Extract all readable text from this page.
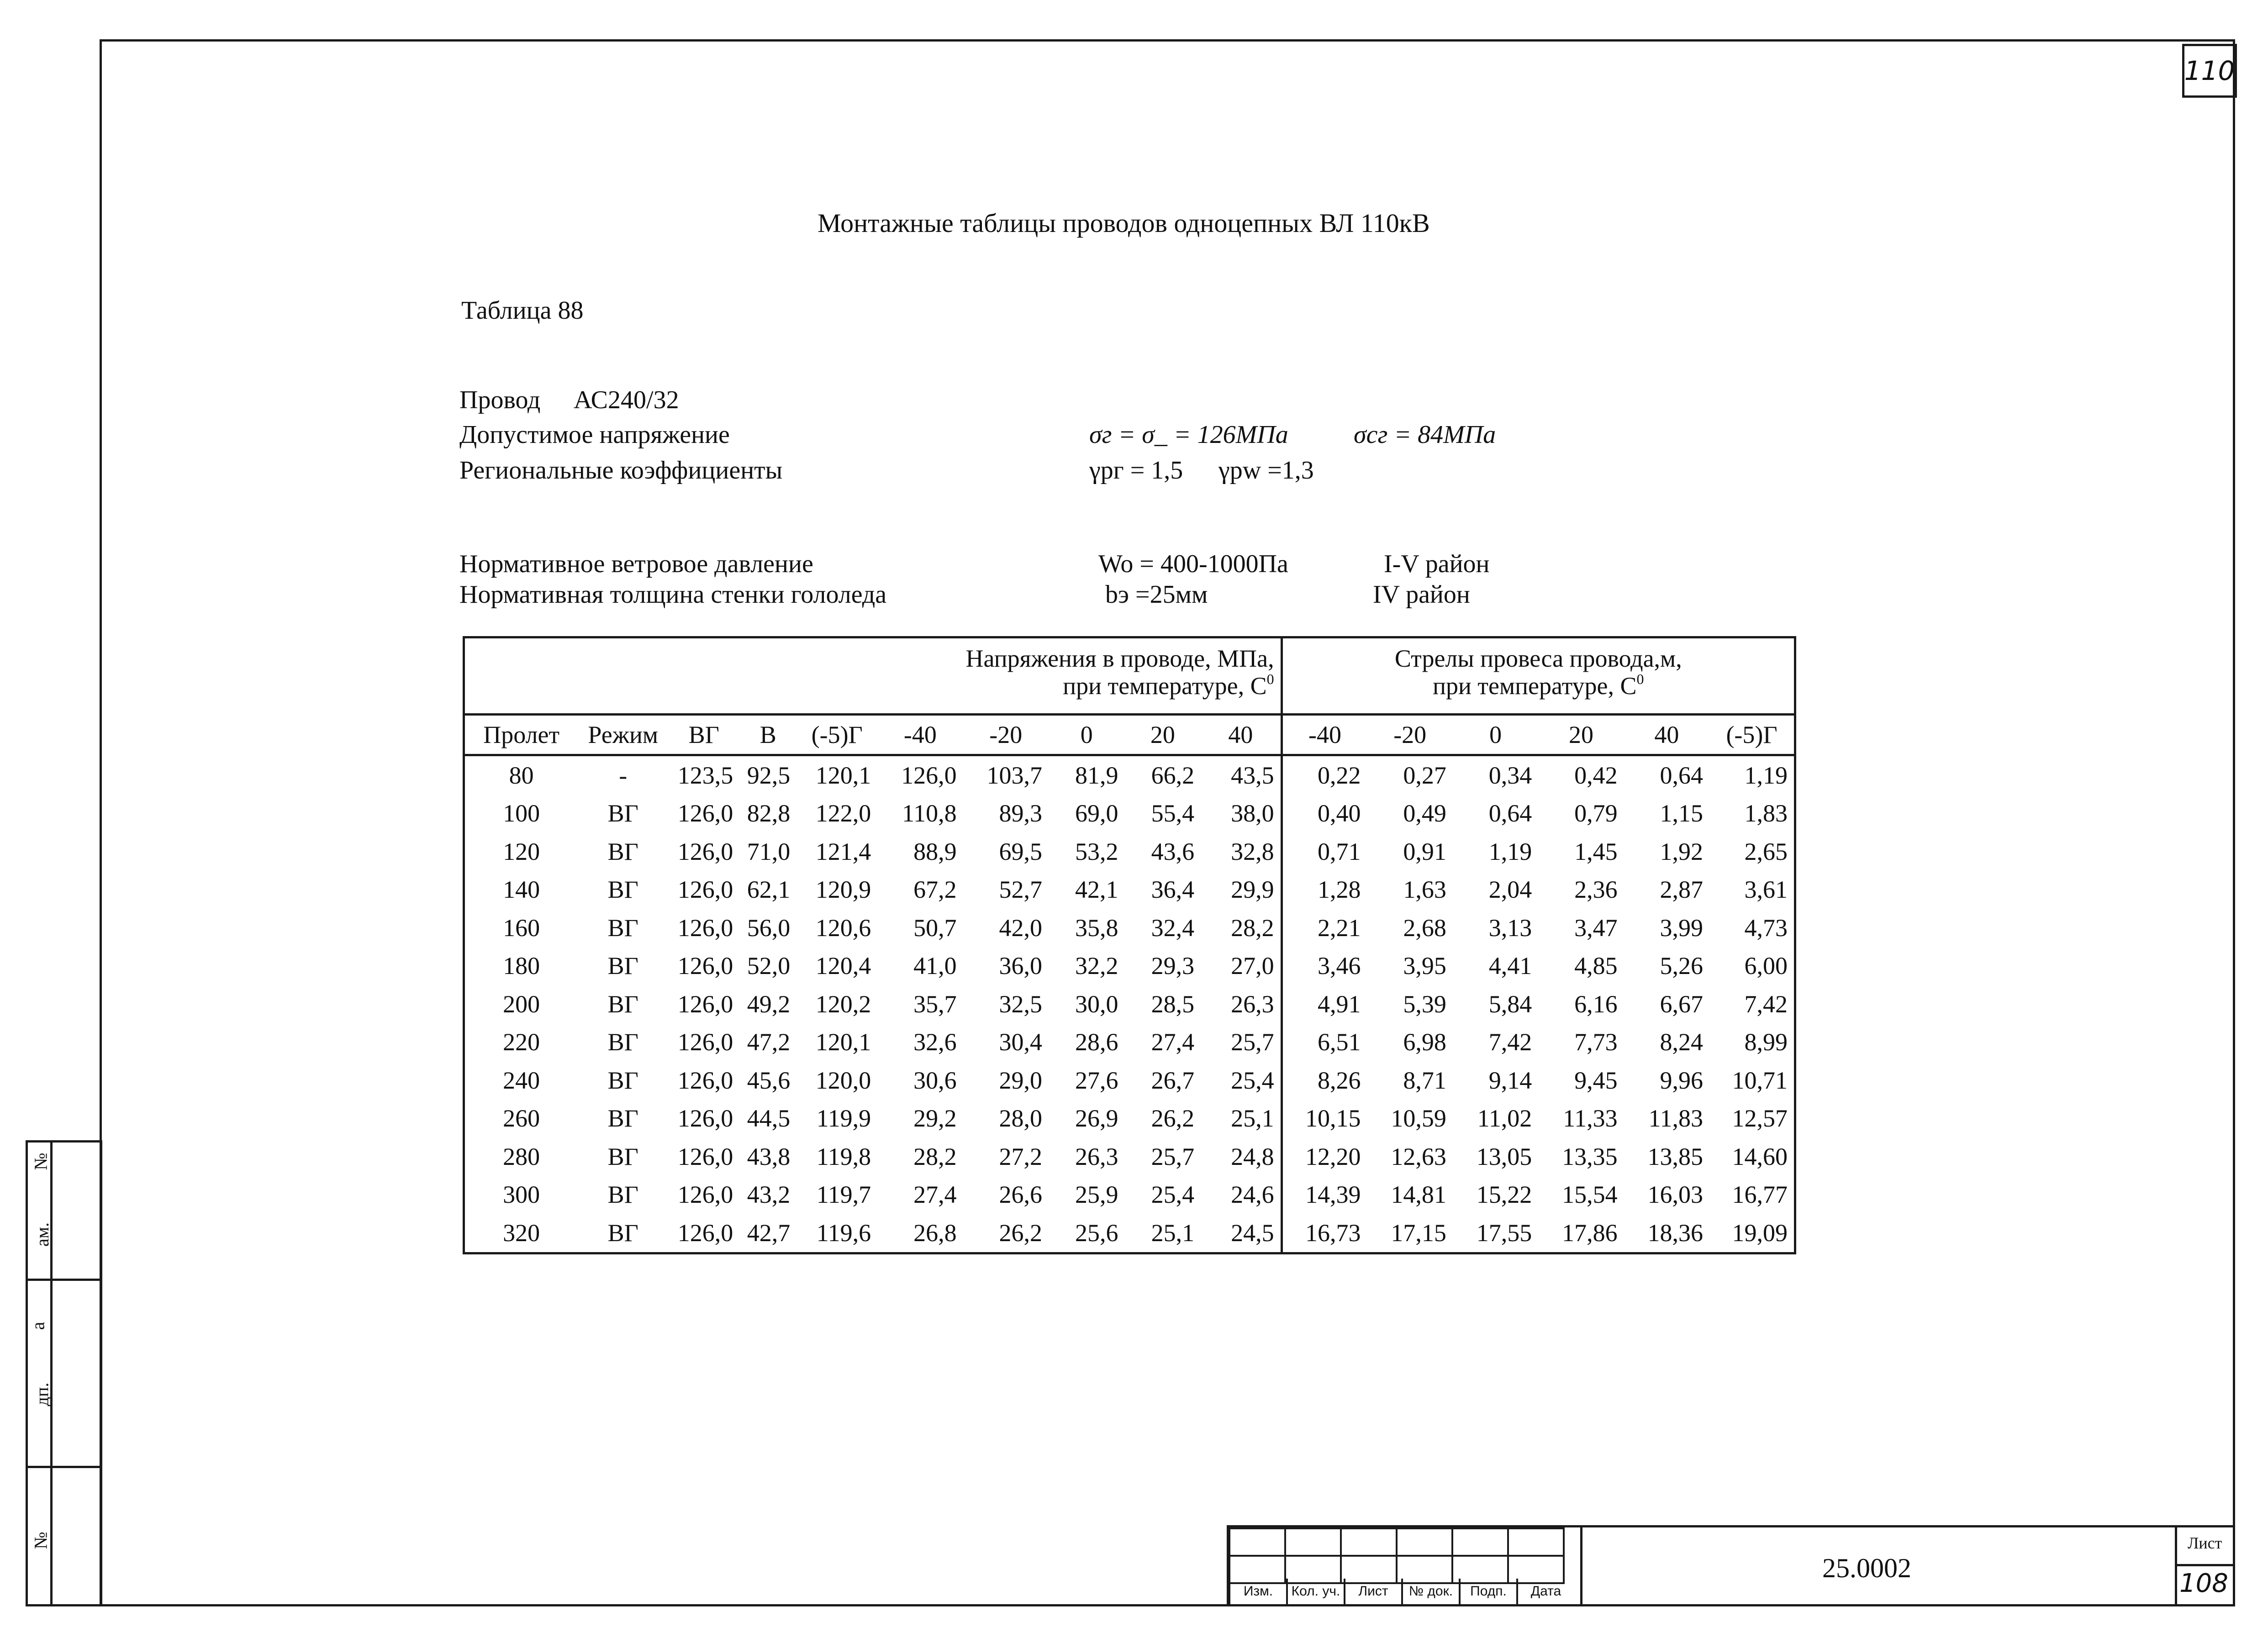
110
Монтажные таблицы проводов одноцепных ВЛ 110кВ
Таблица 88
Провод АС240/32
Допустимое напряжение	σг = σ_ = 126МПа	σcг = 84МПа
Региональные коэффициенты	γpг = 1,5 γpw =1,3
Нормативное ветровое давление	Wo = 400-1000Па	I-V район
Нормативная толщина стенки гололеда	bэ =25мм	IV район
Напряжения в проводе, МПа,
при температуре, $С^0$										Стрелы провеса провода,м,
при температуре, $С^0$
Пролет	Режим	ВГ	В	(-5)Г	-40	-20	0	20	40	-40	-20	0	20	40	(-5)Г
80	-	123,5	92,5	120,1	126,0	103,7	81,9	66,2	43,5	0,22	0,27	0,34	0,42	0,64	1,19
100	ВГ	126,0	82,8	122,0	110,8	89,3	69,0	55,4	38,0	0,40	0,49	0,64	0,79	1,15	1,83
120	ВГ	126,0	71,0	121,4	88,9	69,5	53,2	43,6	32,8	0,71	0,91	1,19	1,45	1,92	2,65
140	ВГ	126,0	62,1	120,9	67,2	52,7	42,1	36,4	29,9	1,28	1,63	2,04	2,36	2,87	3,61
160	ВГ	126,0	56,0	120,6	50,7	42,0	35,8	32,4	28,2	2,21	2,68	3,13	3,47	3,99	4,73
180	ВГ	126,0	52,0	120,4	41,0	36,0	32,2	29,3	27,0	3,46	3,95	4,41	4,85	5,26	6,00
200	ВГ	126,0	49,2	120,2	35,7	32,5	30,0	28,5	26,3	4,91	5,39	5,84	6,16	6,67	7,42
220	ВГ	126,0	47,2	120,1	32,6	30,4	28,6	27,4	25,7	6,51	6,98	7,42	7,73	8,24	8,99
240	ВГ	126,0	45,6	120,0	30,6	29,0	27,6	26,7	25,4	8,26	8,71	9,14	9,45	9,96	10,71
260	ВГ	126,0	44,5	119,9	29,2	28,0	26,9	26,2	25,1	10,15	10,59	11,02	11,33	11,83	12,57
280	ВГ	126,0	43,8	119,8	28,2	27,2	26,3	25,7	24,8	12,20	12,63	13,05	13,35	13,85	14,60
300	ВГ	126,0	43,2	119,7	27,4	26,6	25,9	25,4	24,6	14,39	14,81	15,22	15,54	16,03	16,77
320	ВГ	126,0	42,7	119,6	26,8	26,2	25,6	25,1	24,5	16,73	17,15	17,55	17,86	18,36	19,09
№
ам.
а
дп.
№

Изм.	Кол. уч.	Лист	№ док.	Подп.	Дата
25.0002
Лист
108
